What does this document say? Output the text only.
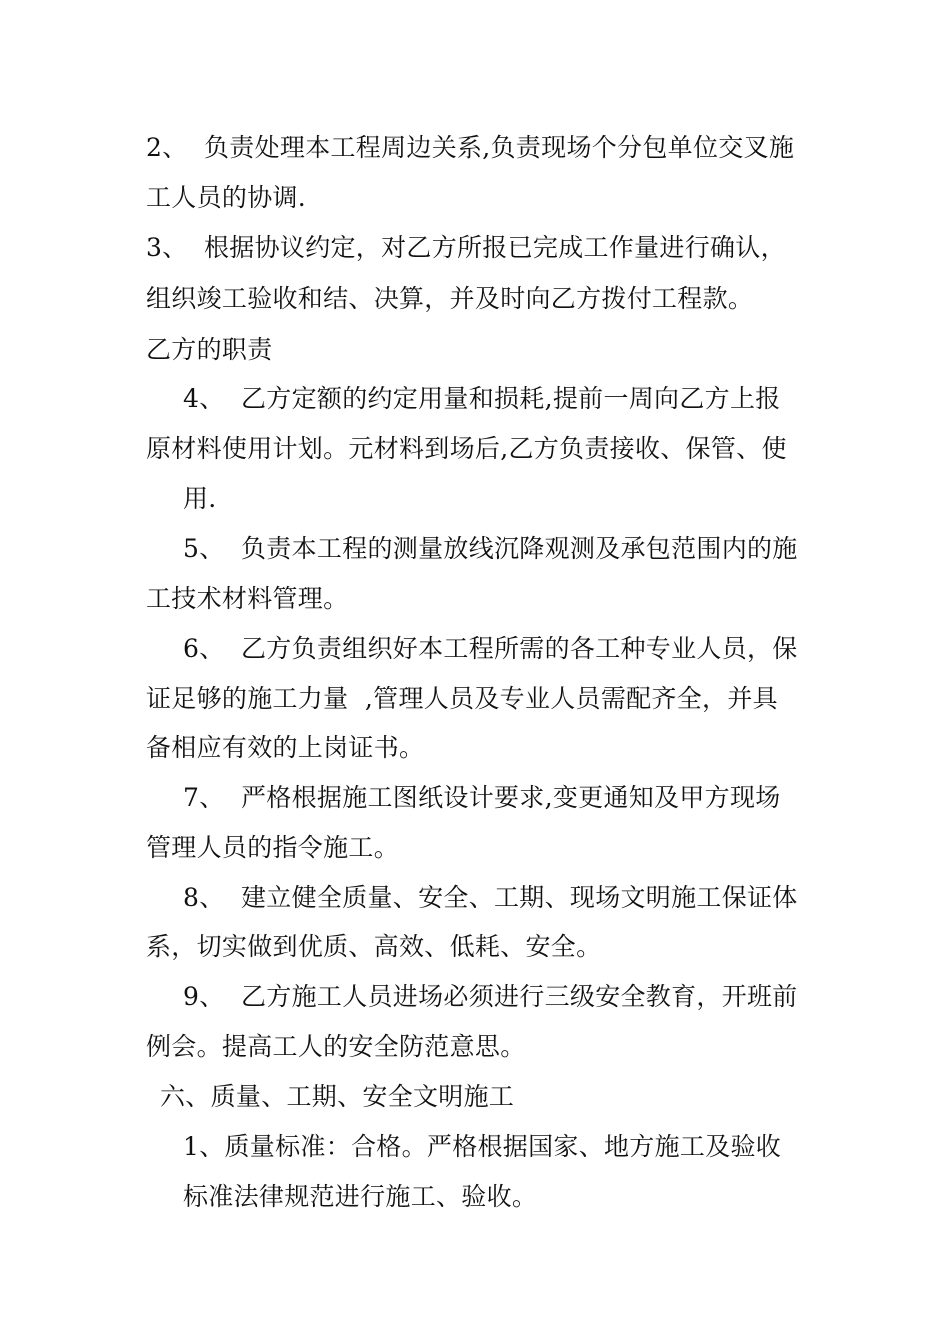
2、  负责处理本工程周边关系,负责现场个分包单位交叉施
工人员的协调.
3、  根据协议约定，对乙方所报已完成工作量进行确认，
组织竣工验收和结、决算，并及时向乙方拨付工程款。
乙方的职责
4、  乙方定额的约定用量和损耗,提前一周向乙方上报
原材料使用计划。元材料到场后,乙方负责接收、保管、使
用.
5、  负责本工程的测量放线沉降观测及承包范围内的施
工技术材料管理。
6、  乙方负责组织好本工程所需的各工种专业人员，保
证足够的施工力量  ,管理人员及专业人员需配齐全，并具
备相应有效的上岗证书。
7、  严格根据施工图纸设计要求,变更通知及甲方现场
管理人员的指令施工。
8、  建立健全质量、安全、工期、现场文明施工保证体
系，切实做到优质、高效、低耗、安全。
9、  乙方施工人员进场必须进行三级安全教育，开班前
例会。提高工人的安全防范意思。
六、质量、工期、安全文明施工
1、质量标准：合格。严格根据国家、地方施工及验收
标准法律规范进行施工、验收。
